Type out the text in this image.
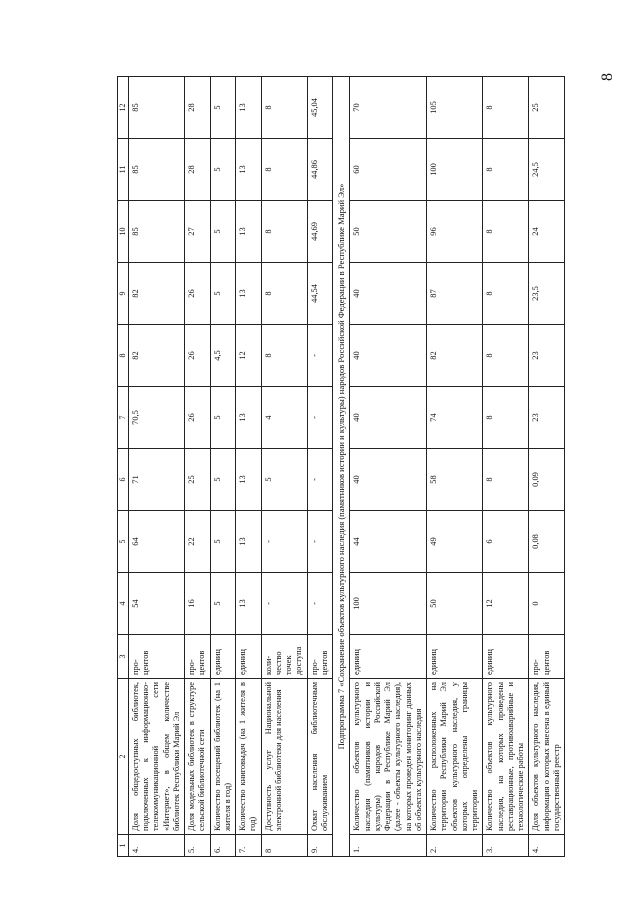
8
1	2	3	4	5	6	7	8	9	10	11	12
4.	Доля общедоступных библиотек, подключенных к информационно-телекоммуникационной сети «Интернет», в общем количестве библиотек Республики Марий Эл	про-центов	54	64	71	70,5	82	82	85	85	85
5.	Доля модельных библиотек в структуре сельской библиотечной сети	про-центов	16	22	25	26	26	26	27	28	28
6.	Количество посещений библиотек (на 1 жителя в год)	единиц	5	5	5	5	4,5	5	5	5	5
7.	Количество книговыдач (на 1 жителя в год)	единиц	13	13	13	13	12	13	13	13	13
8	Доступность услуг Национальной электронной библиотеки для населения	коли-чество точек доступа	-	-	5	4	8	8	8	8	8
9.	Охват населения библиотечным обслуживанием	про-центов	-	-	-	-	-	44,54	44,69	44,86	45,04
Подпрограмма 7 «Сохранение объектов культурного наследия (памятников истории и культуры) народов Российской Федерации в Республике Марий Эл»											
1.	Количество объектов культурного наследия (памятников истории и культуры) народов Российской Федерации в Республике Марий Эл (далее - объекты культурного наследия), на которых проведен мониторинг данных об объектах культурного наследия	единиц	100	44	40	40	40	40	50	60	70
2.	Количество расположенных на территории Республики Марий Эл объектов культурного наследия, у которых определены границы территории	единиц	50	49	58	74	82	87	96	100	105
3.	Количество объектов культурного наследия, на которых проведены реставрационные, противоаварийные и технологические работы	единиц	12	6	8	8	8	8	8	8	8
4.	Доля объектов культурного наследия, информация о которых внесена в единый государственный реестр	про-центов	0	0,08	0,09	23	23	23,5	24	24,5	25
